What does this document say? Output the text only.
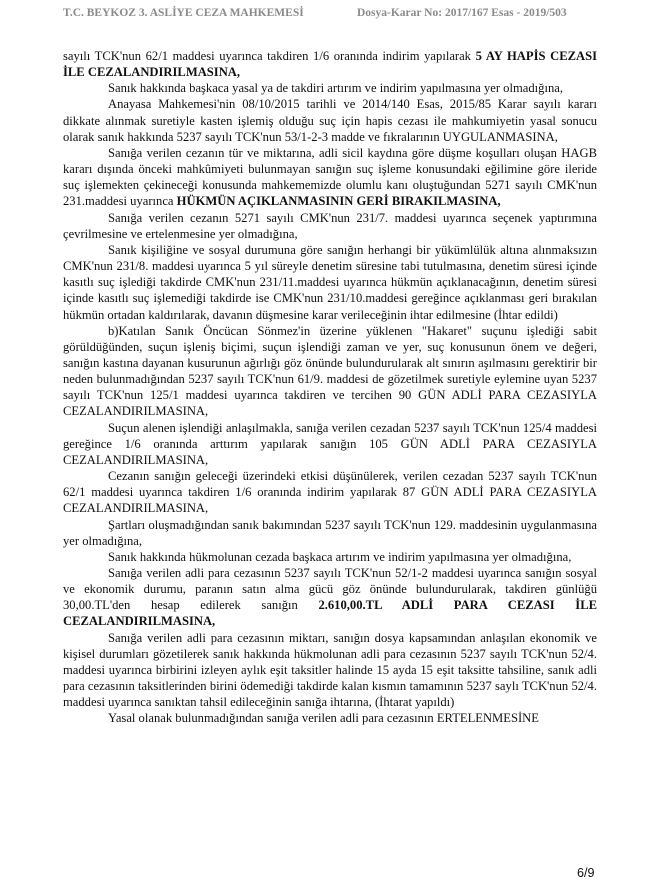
T.C. BEYKOZ 3. ASLİYE CEZA MAHKEMESİ	Dosya-Karar No: 2017/167 Esas - 2019/503

sayılı TCK'nun 62/1 maddesi uyarınca takdiren 1/6 oranında indirim yapılarak 5 AY HAPİS CEZASI İLE CEZALANDIRILMASINA,

Sanık hakkında başkaca yasal ya de takdiri artırım ve indirim yapılmasına yer olmadığına,

Anayasa Mahkemesi'nin 08/10/2015 tarihli ve 2014/140 Esas, 2015/85 Karar sayılı kararı dikkate alınmak suretiyle kasten işlemiş olduğu suç için hapis cezası ile mahkumiyetin yasal sonucu olarak sanık hakkında 5237 sayılı TCK'nun 53/1-2-3 madde ve fıkralarının UYGULANMASINA,

Sanığa verilen cezanın tür ve miktarına, adli sicil kaydına göre düşme koşulları oluşan HAGB kararı dışında önceki mahkûmiyeti bulunmayan sanığın suç işleme konusundaki eğilimine göre ileride suç işlemekten çekineceği konusunda mahkememizde olumlu kanı oluştuğundan 5271 sayılı CMK'nun 231.maddesi uyarınca HÜKMÜN AÇIKLANMASININ GERİ BIRAKILMASINA,

Sanığa verilen cezanın 5271 sayılı CMK'nun 231/7. maddesi uyarınca seçenek yaptırımına çevrilmesine ve ertelenmesine yer olmadığına,

Sanık kişiliğine ve sosyal durumuna göre sanığın herhangi bir yükümlülük altına alınmaksızın CMK'nun 231/8. maddesi uyarınca 5 yıl süreyle denetim süresine tabi tutulmasına, denetim süresi içinde kasıtlı suç işlediği takdirde CMK'nun 231/11.maddesi uyarınca hükmün açıklanacağının, denetim süresi içinde kasıtlı suç işlemediği takdirde ise CMK'nun 231/10.maddesi gereğince açıklanması geri bırakılan hükmün ortadan kaldırılarak, davanın düşmesine karar verileceğinin ihtar edilmesine (İhtar edildi)

b)Katılan Sanık Öncücan Sönmez'in üzerine yüklenen "Hakaret" suçunu işlediği sabit görüldüğünden, suçun işleniş biçimi, suçun işlendiği zaman ve yer, suç konusunun önem ve değeri, sanığın kastına dayanan kusurunun ağırlığı göz önünde bulundurularak alt sınırın aşılmasını gerektirir bir neden bulunmadığından 5237 sayılı TCK'nun 61/9. maddesi de gözetilmek suretiyle eylemine uyan 5237 sayılı TCK'nun 125/1 maddesi uyarınca takdiren ve tercihen 90 GÜN ADLİ PARA CEZASIYLA CEZALANDIRILMASINA,

Suçun alenen işlendiği anlaşılmakla, sanığa verilen cezadan 5237 sayılı TCK'nun 125/4 maddesi gereğince 1/6 oranında arttırım yapılarak sanığın 105 GÜN ADLİ PARA CEZASIYLA CEZALANDIRILMASINA,

Cezanın sanığın geleceği üzerindeki etkisi düşünülerek, verilen cezadan 5237 sayılı TCK'nun 62/1 maddesi uyarınca takdiren 1/6 oranında indirim yapılarak 87 GÜN ADLİ PARA CEZASIYLA CEZALANDIRILMASINA,

Şartları oluşmadığından sanık bakımından 5237 sayılı TCK'nun 129. maddesinin uygulanmasına yer olmadığına,

Sanık hakkında hükmolunan cezada başkaca artırım ve indirim yapılmasına yer olmadığına,

Sanığa verilen adli para cezasının 5237 sayılı TCK'nun 52/1-2 maddesi uyarınca sanığın sosyal ve ekonomik durumu, paranın satın alma gücü göz önünde bulundurularak, takdiren günlüğü 30,00.TL'den hesap edilerek sanığın 2.610,00.TL ADLİ PARA CEZASI İLE CEZALANDIRILMASINA,

Sanığa verilen adli para cezasının miktarı, sanığın dosya kapsamından anlaşılan ekonomik ve kişisel durumları gözetilerek sanık hakkında hükmolunan adli para cezasının 5237 sayılı TCK'nun 52/4. maddesi uyarınca birbirini izleyen aylık eşit taksitler halinde 15 ayda 15 eşit taksitte tahsiline, sanık adli para cezasının taksitlerinden birini ödemediği takdirde kalan kısmın tamamının 5237 saylı TCK'nun 52/4. maddesi uyarınca sanıktan tahsil edileceğinin sanığa ihtarına, (İhtarat yapıldı)

Yasal olanak bulunmadığından sanığa verilen adli para cezasının ERTELENMESİNE

6/9
